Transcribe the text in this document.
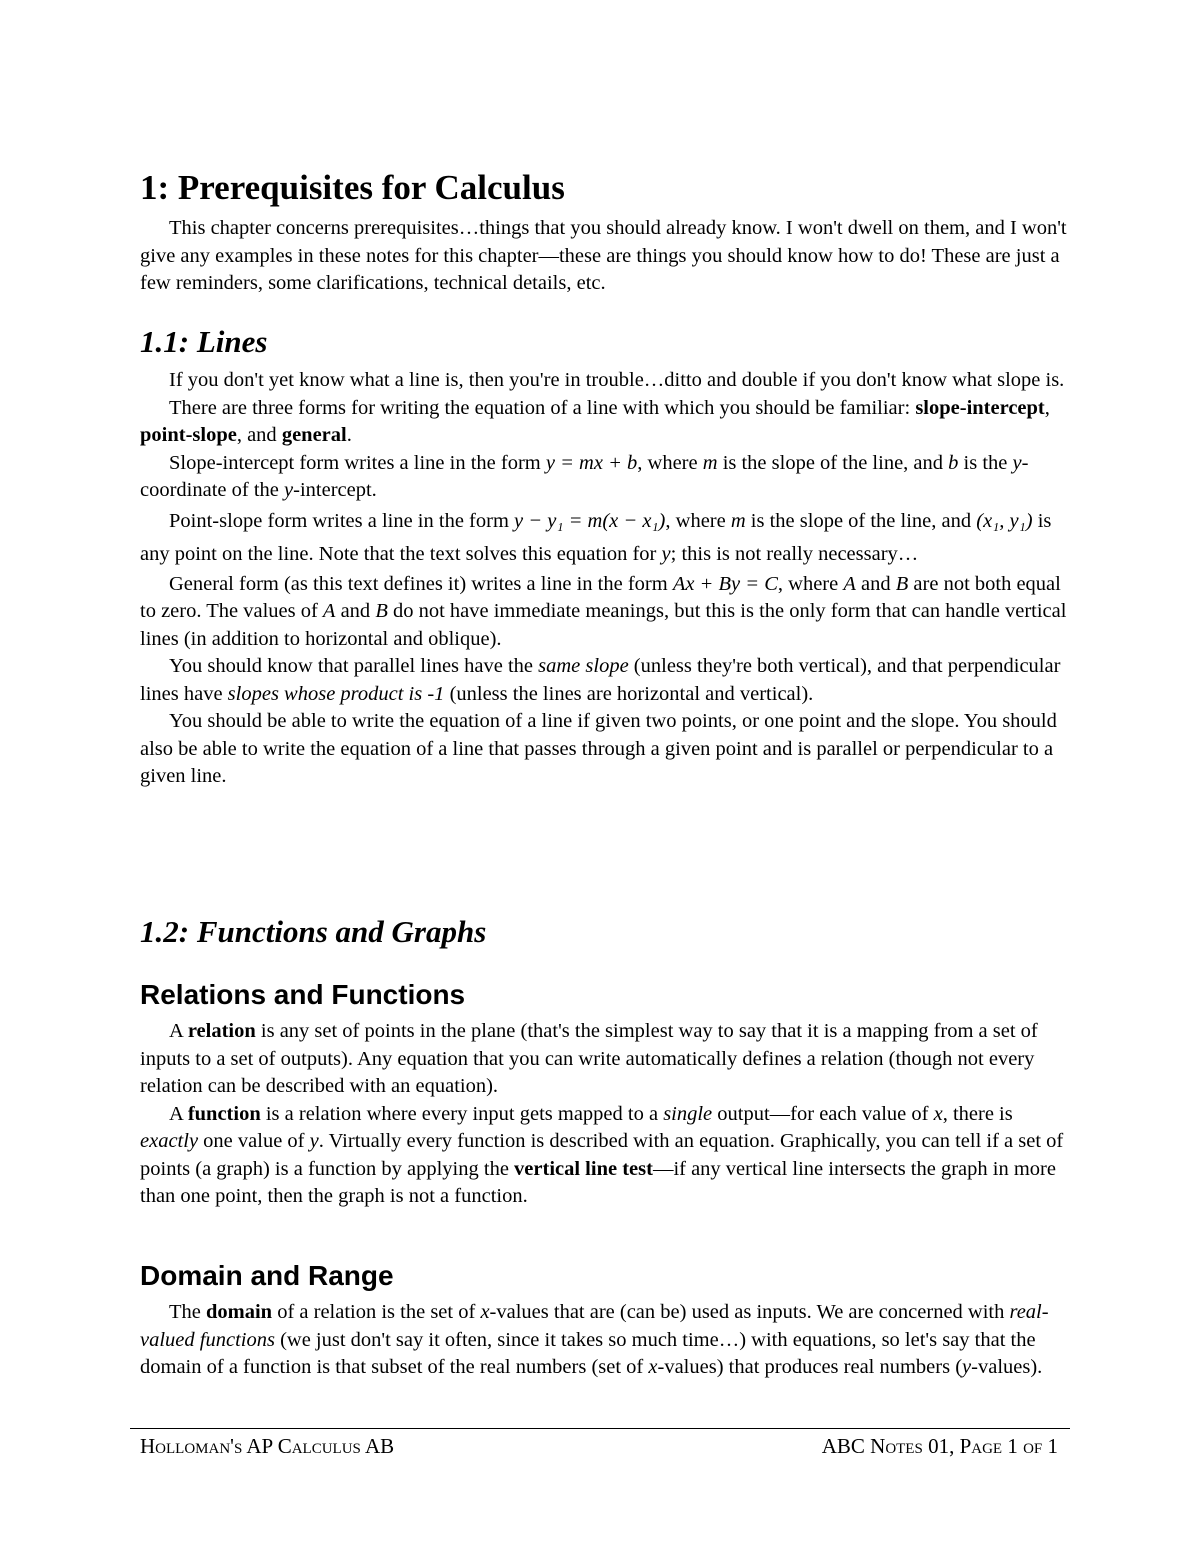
1: Prerequisites for Calculus

This chapter concerns prerequisites…things that you should already know. I won't dwell on them, and I won't give any examples in these notes for this chapter—these are things you should know how to do! These are just a few reminders, some clarifications, technical details, etc.

1.1: Lines

If you don't yet know what a line is, then you're in trouble…ditto and double if you don't know what slope is.

There are three forms for writing the equation of a line with which you should be familiar: slope-intercept, point-slope, and general.

Slope-intercept form writes a line in the form y = mx + b, where m is the slope of the line, and b is the y-coordinate of the y-intercept.

Point-slope form writes a line in the form y − y₁ = m(x − x₁), where m is the slope of the line, and (x₁, y₁) is any point on the line. Note that the text solves this equation for y; this is not really necessary…

General form (as this text defines it) writes a line in the form Ax + By = C, where A and B are not both equal to zero. The values of A and B do not have immediate meanings, but this is the only form that can handle vertical lines (in addition to horizontal and oblique).

You should know that parallel lines have the same slope (unless they're both vertical), and that perpendicular lines have slopes whose product is -1 (unless the lines are horizontal and vertical).

You should be able to write the equation of a line if given two points, or one point and the slope. You should also be able to write the equation of a line that passes through a given point and is parallel or perpendicular to a given line.

1.2: Functions and Graphs
Relations and Functions

A relation is any set of points in the plane (that's the simplest way to say that it is a mapping from a set of inputs to a set of outputs). Any equation that you can write automatically defines a relation (though not every relation can be described with an equation).

A function is a relation where every input gets mapped to a single output—for each value of x, there is exactly one value of y. Virtually every function is described with an equation. Graphically, you can tell if a set of points (a graph) is a function by applying the vertical line test—if any vertical line intersects the graph in more than one point, then the graph is not a function.

Domain and Range

The domain of a relation is the set of x-values that are (can be) used as inputs. We are concerned with real-valued functions (we just don't say it often, since it takes so much time…) with equations, so let's say that the domain of a function is that subset of the real numbers (set of x-values) that produces real numbers (y-values).

Holloman's AP Calculus AB	ABC Notes 01, Page 1 of 1
